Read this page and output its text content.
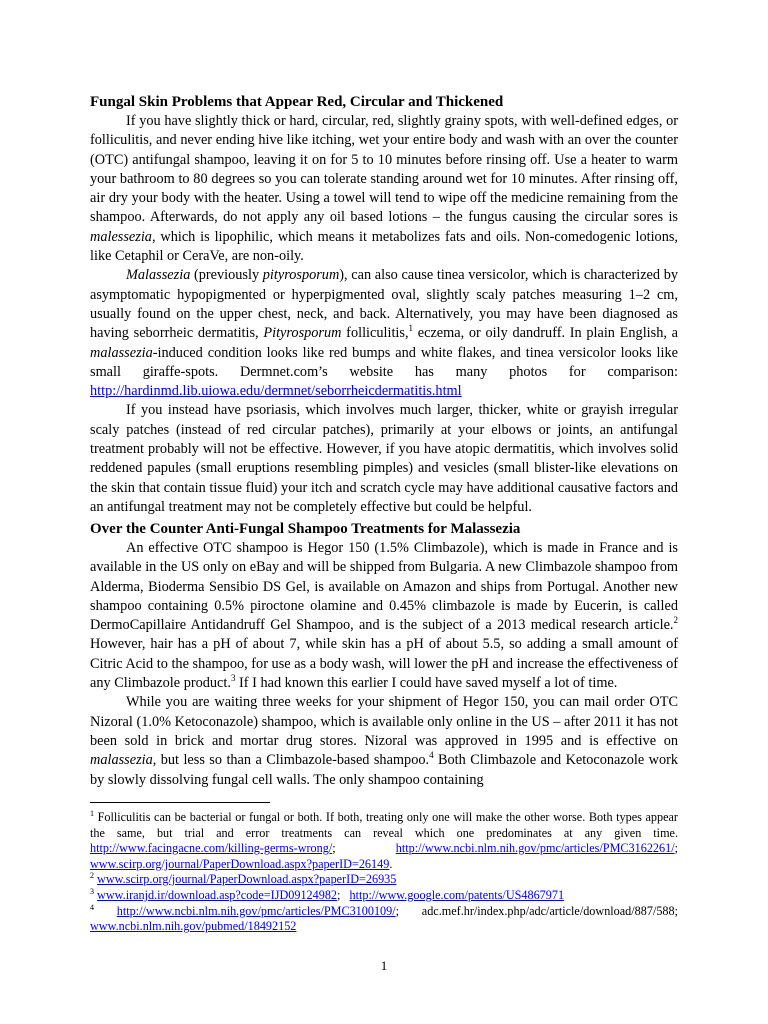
Fungal Skin Problems that Appear Red, Circular and Thickened

If you have slightly thick or hard, circular, red, slightly grainy spots, with well-defined edges, or folliculitis, and never ending hive like itching, wet your entire body and wash with an over the counter (OTC) antifungal shampoo, leaving it on for 5 to 10 minutes before rinsing off. Use a heater to warm your bathroom to 80 degrees so you can tolerate standing around wet for 10 minutes. After rinsing off, air dry your body with the heater. Using a towel will tend to wipe off the medicine remaining from the shampoo. Afterwards, do not apply any oil based lotions – the fungus causing the circular sores is malessezia, which is lipophilic, which means it metabolizes fats and oils. Non-comedogenic lotions, like Cetaphil or CeraVe, are non-oily.

Malassezia (previously pityrosporum), can also cause tinea versicolor, which is characterized by asymptomatic hypopigmented or hyperpigmented oval, slightly scaly patches measuring 1–2 cm, usually found on the upper chest, neck, and back. Alternatively, you may have been diagnosed as having seborrheic dermatitis, Pityrosporum folliculitis,$^1$ eczema, or oily dandruff. In plain English, a malassezia-induced condition looks like red bumps and white flakes, and tinea versicolor looks like small giraffe-spots. Dermnet.com’s website has many photos for comparison: http://hardinmd.lib.uiowa.edu/dermnet/seborrheicdermatitis.html

If you instead have psoriasis, which involves much larger, thicker, white or grayish irregular scaly patches (instead of red circular patches), primarily at your elbows or joints, an antifungal treatment probably will not be effective. However, if you have atopic dermatitis, which involves solid reddened papules (small eruptions resembling pimples) and vesicles (small blister-like elevations on the skin that contain tissue fluid) your itch and scratch cycle may have additional causative factors and an antifungal treatment may not be completely effective but could be helpful.

Over the Counter Anti-Fungal Shampoo Treatments for Malassezia

An effective OTC shampoo is Hegor 150 (1.5% Climbazole), which is made in France and is available in the US only on eBay and will be shipped from Bulgaria. A new Climbazole shampoo from Alderma, Bioderma Sensibio DS Gel, is available on Amazon and ships from Portugal. Another new shampoo containing 0.5% piroctone olamine and 0.45% climbazole is made by Eucerin, is called DermoCapillaire Antidandruff Gel Shampoo, and is the subject of a 2013 medical research article.$^2$ However, hair has a pH of about 7, while skin has a pH of about 5.5, so adding a small amount of Citric Acid to the shampoo, for use as a body wash, will lower the pH and increase the effectiveness of any Climbazole product.$^3$ If I had known this earlier I could have saved myself a lot of time.

While you are waiting three weeks for your shipment of Hegor 150, you can mail order OTC Nizoral (1.0% Ketoconazole) shampoo, which is available only online in the US – after 2011 it has not been sold in brick and mortar drug stores. Nizoral was approved in 1995 and is effective on malassezia, but less so than a Climbazole-based shampoo.$^4$ Both Climbazole and Ketoconazole work by slowly dissolving fungal cell walls. The only shampoo containing

$^1$ Folliculitis can be bacterial or fungal or both. If both, treating only one will make the other worse. Both types appear the same, but trial and error treatments can reveal which one predominates at any given time. http://www.facingacne.com/killing-germs-wrong/;                 http://www.ncbi.nlm.nih.gov/pmc/articles/PMC3162261/; www.scirp.org/journal/PaperDownload.aspx?paperID=26149.
$^2$ www.scirp.org/journal/PaperDownload.aspx?paperID=26935
$^3$ www.iranjd.ir/download.asp?code=IJD09124982;   http://www.google.com/patents/US4867971
$^4$ http://www.ncbi.nlm.nih.gov/pmc/articles/PMC3100109/; adc.mef.hr/index.php/adc/article/download/887/588; www.ncbi.nlm.nih.gov/pubmed/18492152
1
